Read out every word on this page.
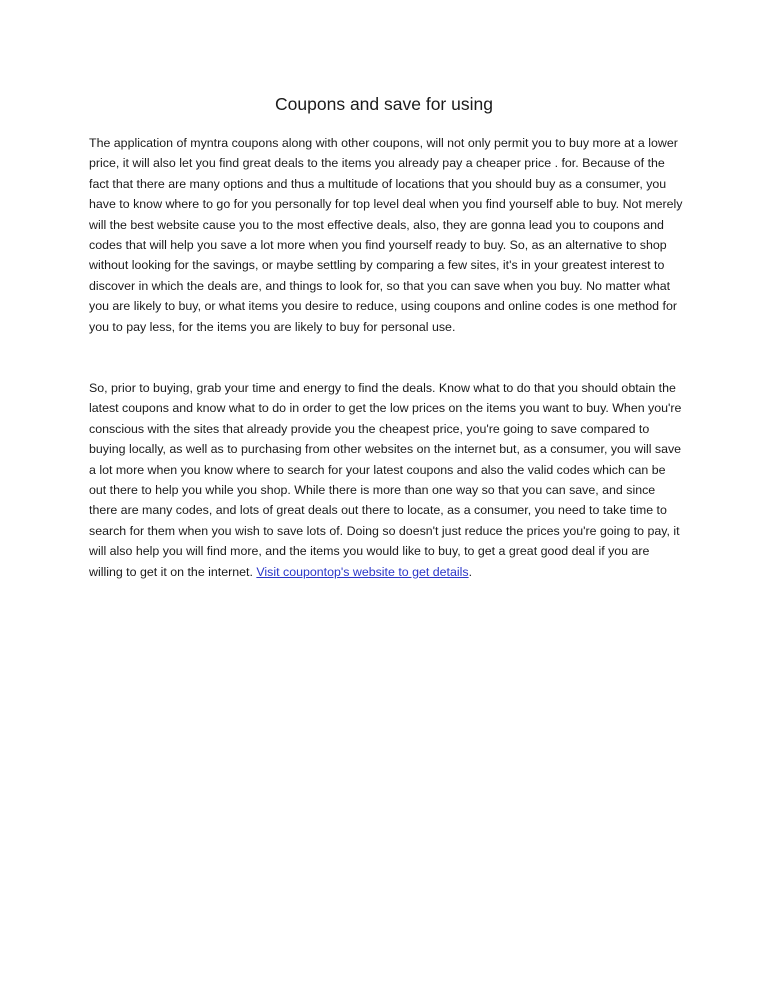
Coupons and save for using

The application of myntra coupons along with other coupons, will not only permit you to buy more at a lower price, it will also let you find great deals to the items you already pay a cheaper price . for. Because of the fact that there are many options and thus a multitude of locations that you should buy as a consumer, you have to know where to go for you personally for top level deal when you find yourself able to buy. Not merely will the best website cause you to the most effective deals, also, they are gonna lead you to coupons and codes that will help you save a lot more when you find yourself ready to buy. So, as an alternative to shop without looking for the savings, or maybe settling by comparing a few sites, it's in your greatest interest to discover in which the deals are, and things to look for, so that you can save when you buy. No matter what you are likely to buy, or what items you desire to reduce, using coupons and online codes is one method for you to pay less, for the items you are likely to buy for personal use.

So, prior to buying, grab your time and energy to find the deals. Know what to do that you should obtain the latest coupons and know what to do in order to get the low prices on the items you want to buy. When you're conscious with the sites that already provide you the cheapest price, you're going to save compared to buying locally, as well as to purchasing from other websites on the internet but, as a consumer, you will save a lot more when you know where to search for your latest coupons and also the valid codes which can be out there to help you while you shop. While there is more than one way so that you can save, and since there are many codes, and lots of great deals out there to locate, as a consumer, you need to take time to search for them when you wish to save lots of. Doing so doesn't just reduce the prices you're going to pay, it will also help you will find more, and the items you would like to buy, to get a great good deal if you are willing to get it on the internet. Visit coupontop's website to get details.
